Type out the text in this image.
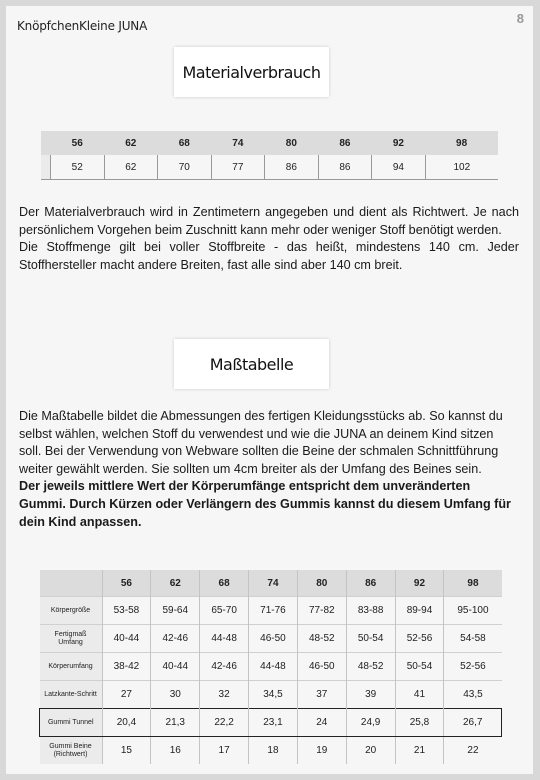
KnöpfchenKleine JUNA	8
Materialverbrauch
	56	62	68	74	80	86	92	98
	52	62	70	77	86	86	94	102
Der Materialverbrauch wird in Zentimetern angegeben und dient als Richtwert. Je nach persönlichem Vorgehen beim Zuschnitt kann mehr oder weniger Stoff benötigt werden.
Die Stoffmenge gilt bei voller Stoffbreite - das heißt, mindestens 140 cm. Jeder Stoffhersteller macht andere Breiten, fast alle sind aber 140 cm breit.
Maßtabelle
Die Maßtabelle bildet die Abmessungen des fertigen Kleidungsstücks ab. So kannst du selbst wählen, welchen Stoff du verwendest und wie die JUNA an deinem Kind sitzen soll. Bei der Verwendung von Webware sollten die Beine der schmalen Schnittführung weiter gewählt werden. Sie sollten um 4cm breiter als der Umfang des Beines sein.
Der jeweils mittlere Wert der Körperumfänge entspricht dem unveränderten Gummi. Durch Kürzen oder Verlängern des Gummis kannst du diesem Umfang für dein Kind anpassen.
	56	62	68	74	80	86	92	98
Körpergröße	53-58	59-64	65-70	71-76	77-82	83-88	89-94	95-100
Fertigmaß Umfang	40-44	42-46	44-48	46-50	48-52	50-54	52-56	54-58
Körperumfang	38-42	40-44	42-46	44-48	46-50	48-52	50-54	52-56
Latzkante-Schritt	27	30	32	34,5	37	39	41	43,5
Gummi Tunnel	20,4	21,3	22,2	23,1	24	24,9	25,8	26,7
Gummi Beine (Richtwert)	15	16	17	18	19	20	21	22
